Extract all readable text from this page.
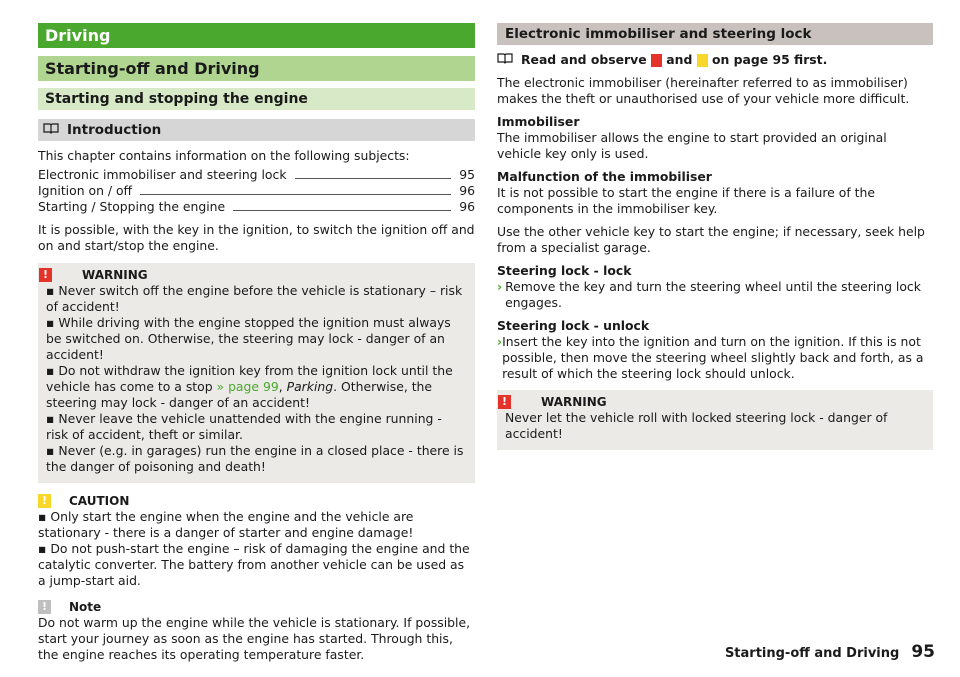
Driving
Starting-off and Driving
Starting and stopping the engine
Introduction

This chapter contains information on the following subjects:

Electronic immobiliser and steering lock	95
Ignition on / off	96
Starting / Stopping the engine	96

It is possible, with the key in the ignition, to switch the ignition off and on and start/stop the engine.

!	WARNING

▪ Never switch off the engine before the vehicle is stationary – risk of accident!

▪ While driving with the engine stopped the ignition must always be switched on. Otherwise, the steering may lock - danger of an accident!

▪ Do not withdraw the ignition key from the ignition lock until the vehicle has come to a stop » page 99, Parking. Otherwise, the steering may lock - danger of an accident!

▪ Never leave the vehicle unattended with the engine running - risk of accident, theft or similar.

▪ Never (e.g. in garages) run the engine in a closed place - there is the danger of poisoning and death!

!	CAUTION

▪ Only start the engine when the engine and the vehicle are stationary - there is a danger of starter and engine damage!

▪ Do not push-start the engine – risk of damaging the engine and the catalytic converter. The battery from another vehicle can be used as a jump-start aid.

!	Note

Do not warm up the engine while the vehicle is stationary. If possible, start your journey as soon as the engine has started. Through this, the engine reaches its operating temperature faster.

Electronic immobiliser and steering lock

Read and observe

and

on page 95 first.

The electronic immobiliser (hereinafter referred to as immobiliser) makes the theft or unauthorised use of your vehicle more difficult.

Immobiliser

The immobiliser allows the engine to start provided an original vehicle key only is used.

Malfunction of the immobiliser

It is not possible to start the engine if there is a failure of the components in the immobiliser key.

Use the other vehicle key to start the engine; if necessary, seek help from a specialist garage.

Steering lock - lock

› Remove the key and turn the steering wheel until the steering lock engages.

Steering lock - unlock

› Insert the key into the ignition and turn on the ignition. If this is not possible, then move the steering wheel slightly back and forth, as a result of which the steering lock should unlock.

!	WARNING

Never let the vehicle roll with locked steering lock - danger of accident!

Starting-off and Driving 95
